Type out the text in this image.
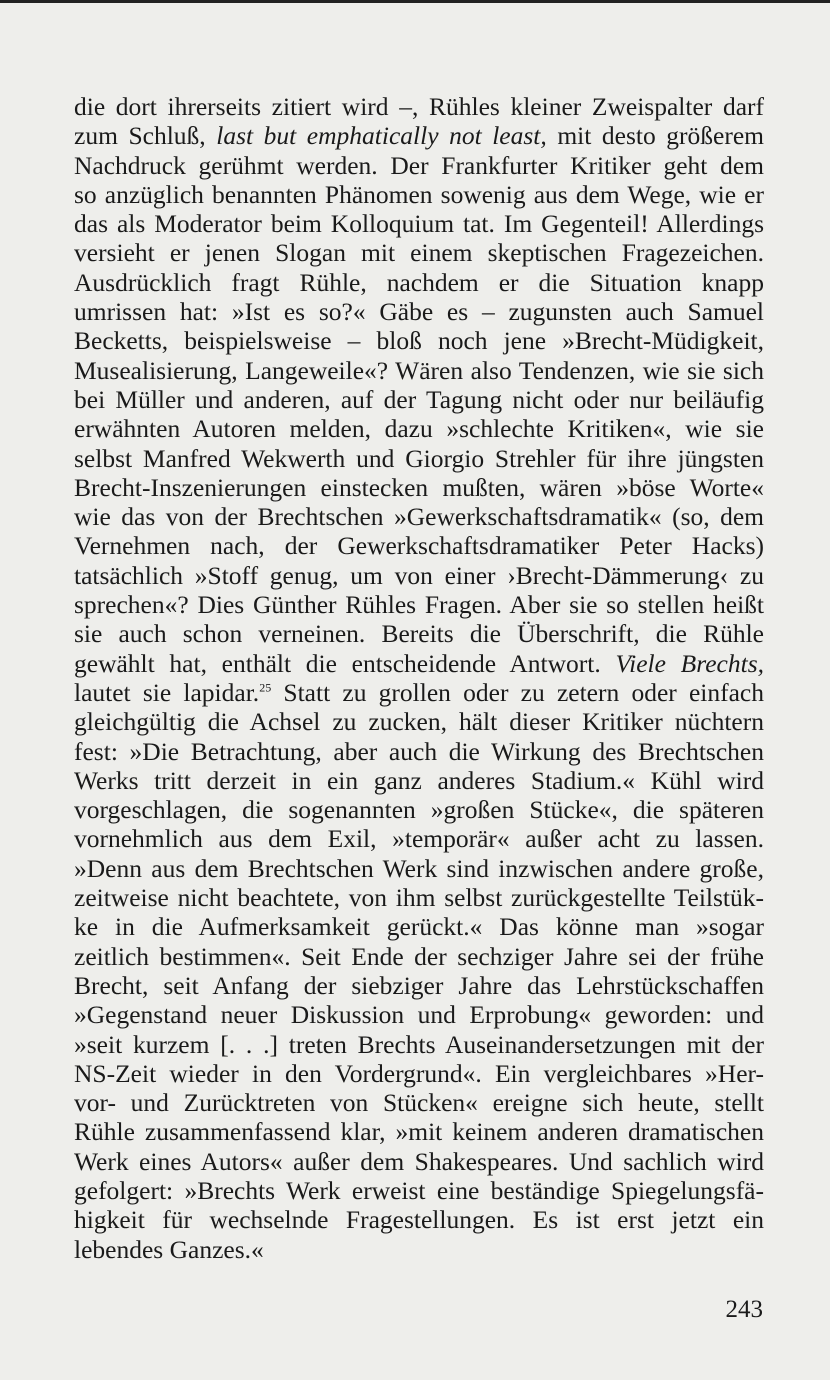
die dort ihrerseits zitiert wird –, Rühles kleiner Zweispalter darf
zum Schluß, last but emphatically not least, mit desto größerem
Nachdruck gerühmt werden. Der Frankfurter Kritiker geht dem
so anzüglich benannten Phänomen sowenig aus dem Wege, wie er
das als Moderator beim Kolloquium tat. Im Gegenteil! Allerdings
versieht er jenen Slogan mit einem skeptischen Fragezeichen.
Ausdrücklich fragt Rühle, nachdem er die Situation knapp
umrissen hat: »Ist es so?« Gäbe es – zugunsten auch Samuel
Becketts, beispielsweise – bloß noch jene »Brecht-Müdigkeit,
Musealisierung, Langeweile«? Wären also Tendenzen, wie sie sich
bei Müller und anderen, auf der Tagung nicht oder nur beiläufig
erwähnten Autoren melden, dazu »schlechte Kritiken«, wie sie
selbst Manfred Wekwerth und Giorgio Strehler für ihre jüngsten
Brecht-Inszenierungen einstecken mußten, wären »böse Worte«
wie das von der Brechtschen »Gewerkschaftsdramatik« (so, dem
Vernehmen nach, der Gewerkschaftsdramatiker Peter Hacks)
tatsächlich »Stoff genug, um von einer ›Brecht-Dämmerung‹ zu
sprechen«? Dies Günther Rühles Fragen. Aber sie so stellen heißt
sie auch schon verneinen. Bereits die Überschrift, die Rühle
gewählt hat, enthält die entscheidende Antwort. Viele Brechts,
lautet sie lapidar.$^{25}$ Statt zu grollen oder zu zetern oder einfach
gleichgültig die Achsel zu zucken, hält dieser Kritiker nüchtern
fest: »Die Betrachtung, aber auch die Wirkung des Brechtschen
Werks tritt derzeit in ein ganz anderes Stadium.« Kühl wird
vorgeschlagen, die sogenannten »großen Stücke«, die späteren
vornehmlich aus dem Exil, »temporär« außer acht zu lassen.
»Denn aus dem Brechtschen Werk sind inzwischen andere große,
zeitweise nicht beachtete, von ihm selbst zurückgestellte Teilstük-
ke in die Aufmerksamkeit gerückt.« Das könne man »sogar
zeitlich bestimmen«. Seit Ende der sechziger Jahre sei der frühe
Brecht, seit Anfang der siebziger Jahre das Lehrstückschaffen
»Gegenstand neuer Diskussion und Erprobung« geworden: und
»seit kurzem [. . .] treten Brechts Auseinandersetzungen mit der
NS-Zeit wieder in den Vordergrund«. Ein vergleichbares »Her-
vor- und Zurücktreten von Stücken« ereigne sich heute, stellt
Rühle zusammenfassend klar, »mit keinem anderen dramatischen
Werk eines Autors« außer dem Shakespeares. Und sachlich wird
gefolgert: »Brechts Werk erweist eine beständige Spiegelungsfä-
higkeit für wechselnde Fragestellungen. Es ist erst jetzt ein
lebendes Ganzes.«
243
